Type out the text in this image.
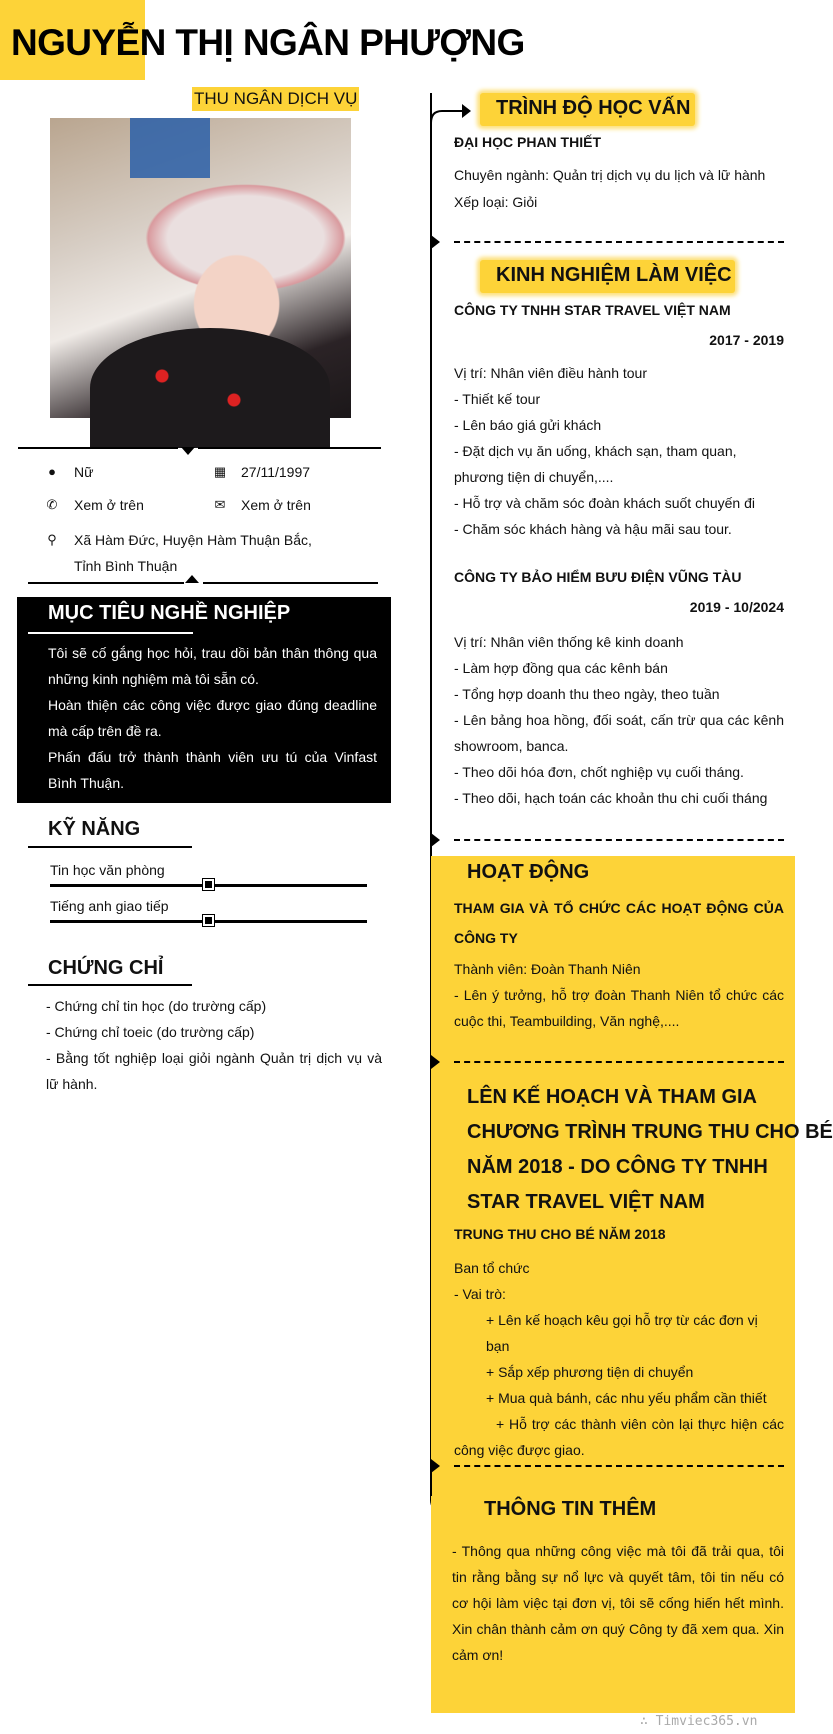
NGUYỄN THỊ NGÂN PHƯỢNG
THU NGÂN DỊCH VỤ
● Nữ	▦ 27/11/1997
✆ Xem ở trên	✉ Xem ở trên
⚲ Xã Hàm Đức, Huyện Hàm Thuận Bắc,
Tỉnh Bình Thuận
MỤC TIÊU NGHỀ NGHIỆP

Tôi sẽ cố gắng học hỏi, trau dồi bản thân thông qua những kinh nghiệm mà tôi sẵn có.

Hoàn thiện các công việc được giao đúng deadline mà cấp trên đề ra.

Phấn đấu trở thành thành viên ưu tú của Vinfast Bình Thuận.

KỸ NĂNG
Tin học văn phòng
Tiếng anh giao tiếp
CHỨNG CHỈ

- Chứng chỉ tin học (do trường cấp)

- Chứng chỉ toeic (do trường cấp)

- Bằng tốt nghiệp loại giỏi ngành Quản trị dịch vụ và lữ hành.

TRÌNH ĐỘ HỌC VẤN
ĐẠI HỌC PHAN THIẾT
Chuyên ngành: Quản trị dịch vụ du lịch và lữ hành
Xếp loại: Giỏi
KINH NGHIỆM LÀM VIỆC
CÔNG TY TNHH STAR TRAVEL VIỆT NAM
2017 - 2019

Vị trí: Nhân viên điều hành tour

- Thiết kế tour

- Lên báo giá gửi khách

- Đặt dịch vụ ăn uống, khách sạn, tham quan, phương tiện di chuyển,....

- Hỗ trợ và chăm sóc đoàn khách suốt chuyến đi

- Chăm sóc khách hàng và hậu mãi sau tour.

CÔNG TY BẢO HIỂM BƯU ĐIỆN VŨNG TÀU
2019 - 10/2024

Vị trí: Nhân viên thống kê kinh doanh

- Làm hợp đồng qua các kênh bán

- Tổng hợp doanh thu theo ngày, theo tuần

- Lên bảng hoa hồng, đối soát, cấn trừ qua các kênh showroom, banca.

- Theo dõi hóa đơn, chốt nghiệp vụ cuối tháng.

- Theo dõi, hạch toán các khoản thu chi cuối tháng

HOẠT ĐỘNG
THAM GIA VÀ TỔ CHỨC CÁC HOẠT ĐỘNG CỦA CÔNG TY

Thành viên: Đoàn Thanh Niên

- Lên ý tưởng, hỗ trợ đoàn Thanh Niên tổ chức các cuộc thi, Teambuilding, Văn nghệ,....

LÊN KẾ HOẠCH VÀ THAM GIA

CHƯƠNG TRÌNH TRUNG THU CHO BÉ

NĂM 2018 - DO CÔNG TY TNHH

STAR TRAVEL VIỆT NAM

TRUNG THU CHO BÉ NĂM 2018

Ban tổ chức

- Vai trò:

+ Lên kế hoạch kêu gọi hỗ trợ từ các đơn vị bạn

+ Sắp xếp phương tiện di chuyển

+ Mua quà bánh, các nhu yếu phẩm cần thiết

+ Hỗ trợ các thành viên còn lại thực hiện các công việc được giao.

THÔNG TIN THÊM

- Thông qua những công việc mà tôi đã trải qua, tôi tin rằng bằng sự nổ lực và quyết tâm, tôi tin nếu có cơ hội làm việc tại đơn vị, tôi sẽ cống hiến hết mình. Xin chân thành cảm ơn quý Công ty đã xem qua. Xin cảm ơn!

∴ Timviec365.vn
